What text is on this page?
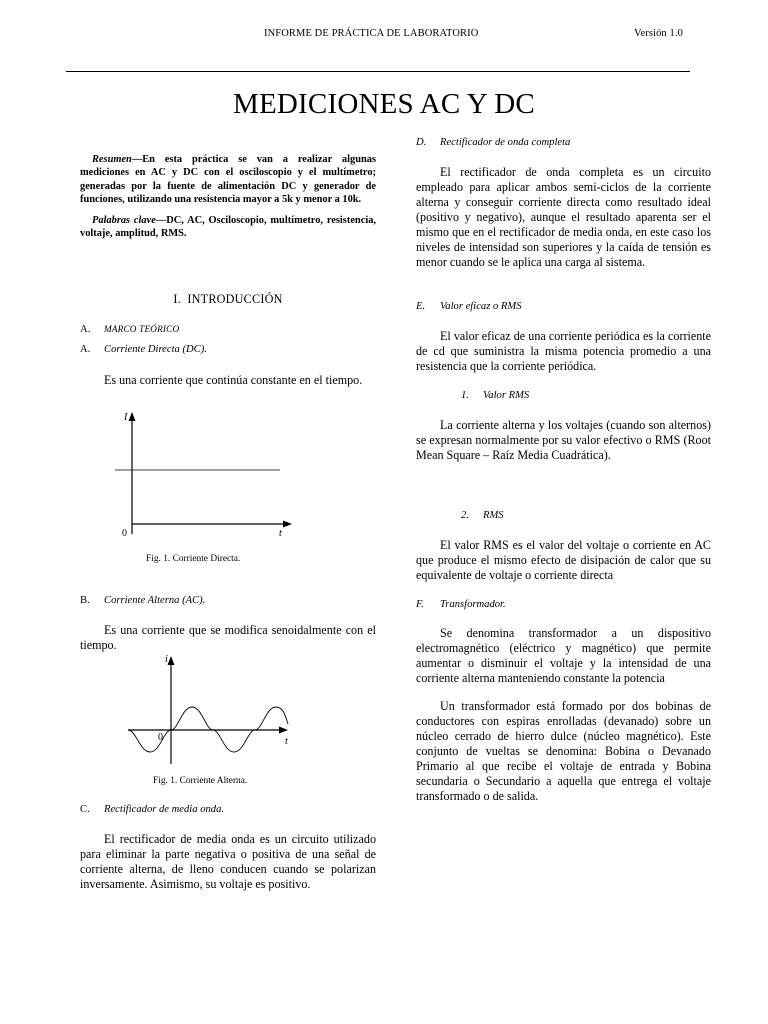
INFORME DE PRÁCTICA DE LABORATORIO	Versión 1.0
MEDICIONES AC Y DC

Resumen—En esta práctica se van a realizar algunas mediciones en AC y DC con el osciloscopio y el multímetro; generadas por la fuente de alimentación DC y generador de funciones, utilizando una resistencia mayor a 5k y menor a 10k.

Palabras clave—DC, AC, Osciloscopio, multímetro, resistencia, voltaje, amplitud, RMS.

I. INTRODUCCIÓN
A. MARCO TEÓRICO
A. Corriente Directa (DC).

Es una corriente que continúa constante en el tiempo.

I
t
0
Fig. 1. Corriente Directa.
B. Corriente Alterna (AC).

Es una corriente que se modifica senoidalmente con el tiempo.

i
t
0
Fig. 1. Corriente Alterna.
C. Rectificador de media onda.

El rectificador de media onda es un circuito utilizado para eliminar la parte negativa o positiva de una señal de corriente alterna, de lleno conducen cuando se polarizan inversamente. Asimismo, su voltaje es positivo.

D. Rectificador de onda completa

El rectificador de onda completa es un circuito empleado para aplicar ambos semi-ciclos de la corriente alterna y conseguir corriente directa como resultado ideal (positivo y negativo), aunque el resultado aparenta ser el mismo que en el rectificador de media onda, en este caso los niveles de intensidad son superiores y la caída de tensión es menor cuando se le aplica una carga al sistema.

E. Valor eficaz o RMS

El valor eficaz de una corriente periódica es la corriente de cd que suministra la misma potencia promedio a una resistencia que la corriente periódica.

1. Valor RMS

La corriente alterna y los voltajes (cuando son alternos) se expresan normalmente por su valor efectivo o RMS (Root Mean Square – Raíz Media Cuadrática).

2. RMS

El valor RMS es el valor del voltaje o corriente en AC que produce el mismo efecto de disipación de calor que su equivalente de voltaje o corriente directa

F. Transformador.

Se denomina transformador a un dispositivo electromagnético (eléctrico y magnético) que permite aumentar o disminuir el voltaje y la intensidad de una corriente alterna manteniendo constante la potencia

Un transformador está formado por dos bobinas de conductores con espiras enrolladas (devanado) sobre un núcleo cerrado de hierro dulce (núcleo magnético). Este conjunto de vueltas se denomina: Bobina o Devanado Primario al que recibe el voltaje de entrada y Bobina secundaria o Secundario a aquella que entrega el voltaje transformado o de salida.
